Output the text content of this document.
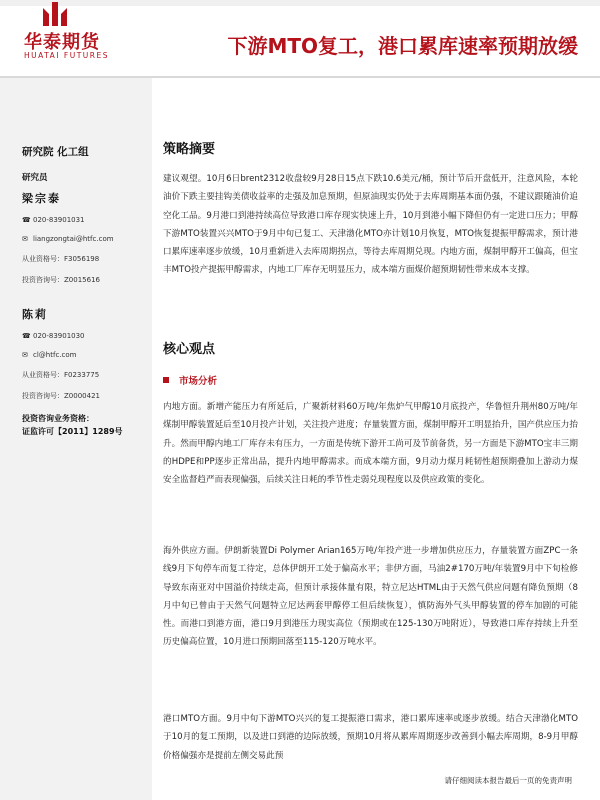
华泰期货
HUATAI FUTURES	下游MTO复工，港口累库速率预期放缓
研究院 化工组
研究员
梁宗泰
☎ 020-83901031
✉ liangzongtai@htfc.com
从业资格号：F3056198
投资咨询号：Z0015616
陈莉
☎ 020-83901030
✉ cl@htfc.com
从业资格号：F0233775
投资咨询号：Z0000421
投资咨询业务资格：
证监许可【2011】1289号
策略摘要
建议观望。10月6日brent2312收盘较9月28日15点下跌10.6美元/桶，预计节后开盘低开，注意风险，本轮油价下跌主要挂钩美债收益率的走强及加息预期，但原油现实仍处于去库周期基本面仍强，不建议跟随油价追空化工品。9月港口到港持续高位导致港口库存现实快速上升，10月到港小幅下降但仍有一定进口压力；甲醇下游MTO装置兴兴MTO于9月中旬已复工、天津渤化MTO亦计划10月恢复，MTO恢复提振甲醇需求，预计港口累库速率逐步放缓，10月重新进入去库周期拐点，等待去库周期兑现。内地方面，煤制甲醇开工偏高，但宝丰MTO投产提振甲醇需求，内地工厂库存无明显压力，成本端方面煤价超预期韧性带来成本支撑。
核心观点
市场分析
内地方面。新增产能压力有所延后，广聚新材料60万吨/年焦炉气甲醇10月底投产，华鲁恒升荆州80万吨/年煤制甲醇装置延后至10月投产计划，关注投产进度；存量装置方面，煤制甲醇开工明显抬升，国产供应压力抬升。然而甲醇内地工厂库存未有压力，一方面是传统下游开工尚可及节前备货，另一方面是下游MTO宝丰三期的HDPE和PP逐步正常出品，提升内地甲醇需求。而成本端方面，9月动力煤月耗韧性超预期叠加上游动力煤安全监督趋严而表现偏强，后续关注日耗的季节性走弱兑现程度以及供应政策的变化。
海外供应方面。伊朗新装置Di Polymer Arian165万吨/年投产进一步增加供应压力，存量装置方面ZPC一条线9月下旬停车而复工待定，总体伊朗开工处于偏高水平；非伊方面，马油2#170万吨/年装置9月中下旬检修导致东南亚对中国溢价持续走高，但预计承接体量有限，特立尼达HTML由于天然气供应问题有降负预期（8月中旬已曾由于天然气问题特立尼达两套甲醇停工但后续恢复），慎防海外气头甲醇装置的停车加剧的可能性。而港口到港方面，港口9月到港压力现实高位（预期或在125-130万吨附近），导致港口库存持续上升至历史偏高位置，10月进口预期回落至115-120万吨水平。
港口MTO方面。9月中旬下游MTO兴兴的复工提振港口需求，港口累库速率或逐步放缓。结合天津渤化MTO于10月的复工预期，以及进口到港的边际放缓，预期10月将从累库周期逐步改善到小幅去库周期，8-9月甲醇价格偏强亦是提前左侧交易此预
请仔细阅读本报告最后一页的免责声明
